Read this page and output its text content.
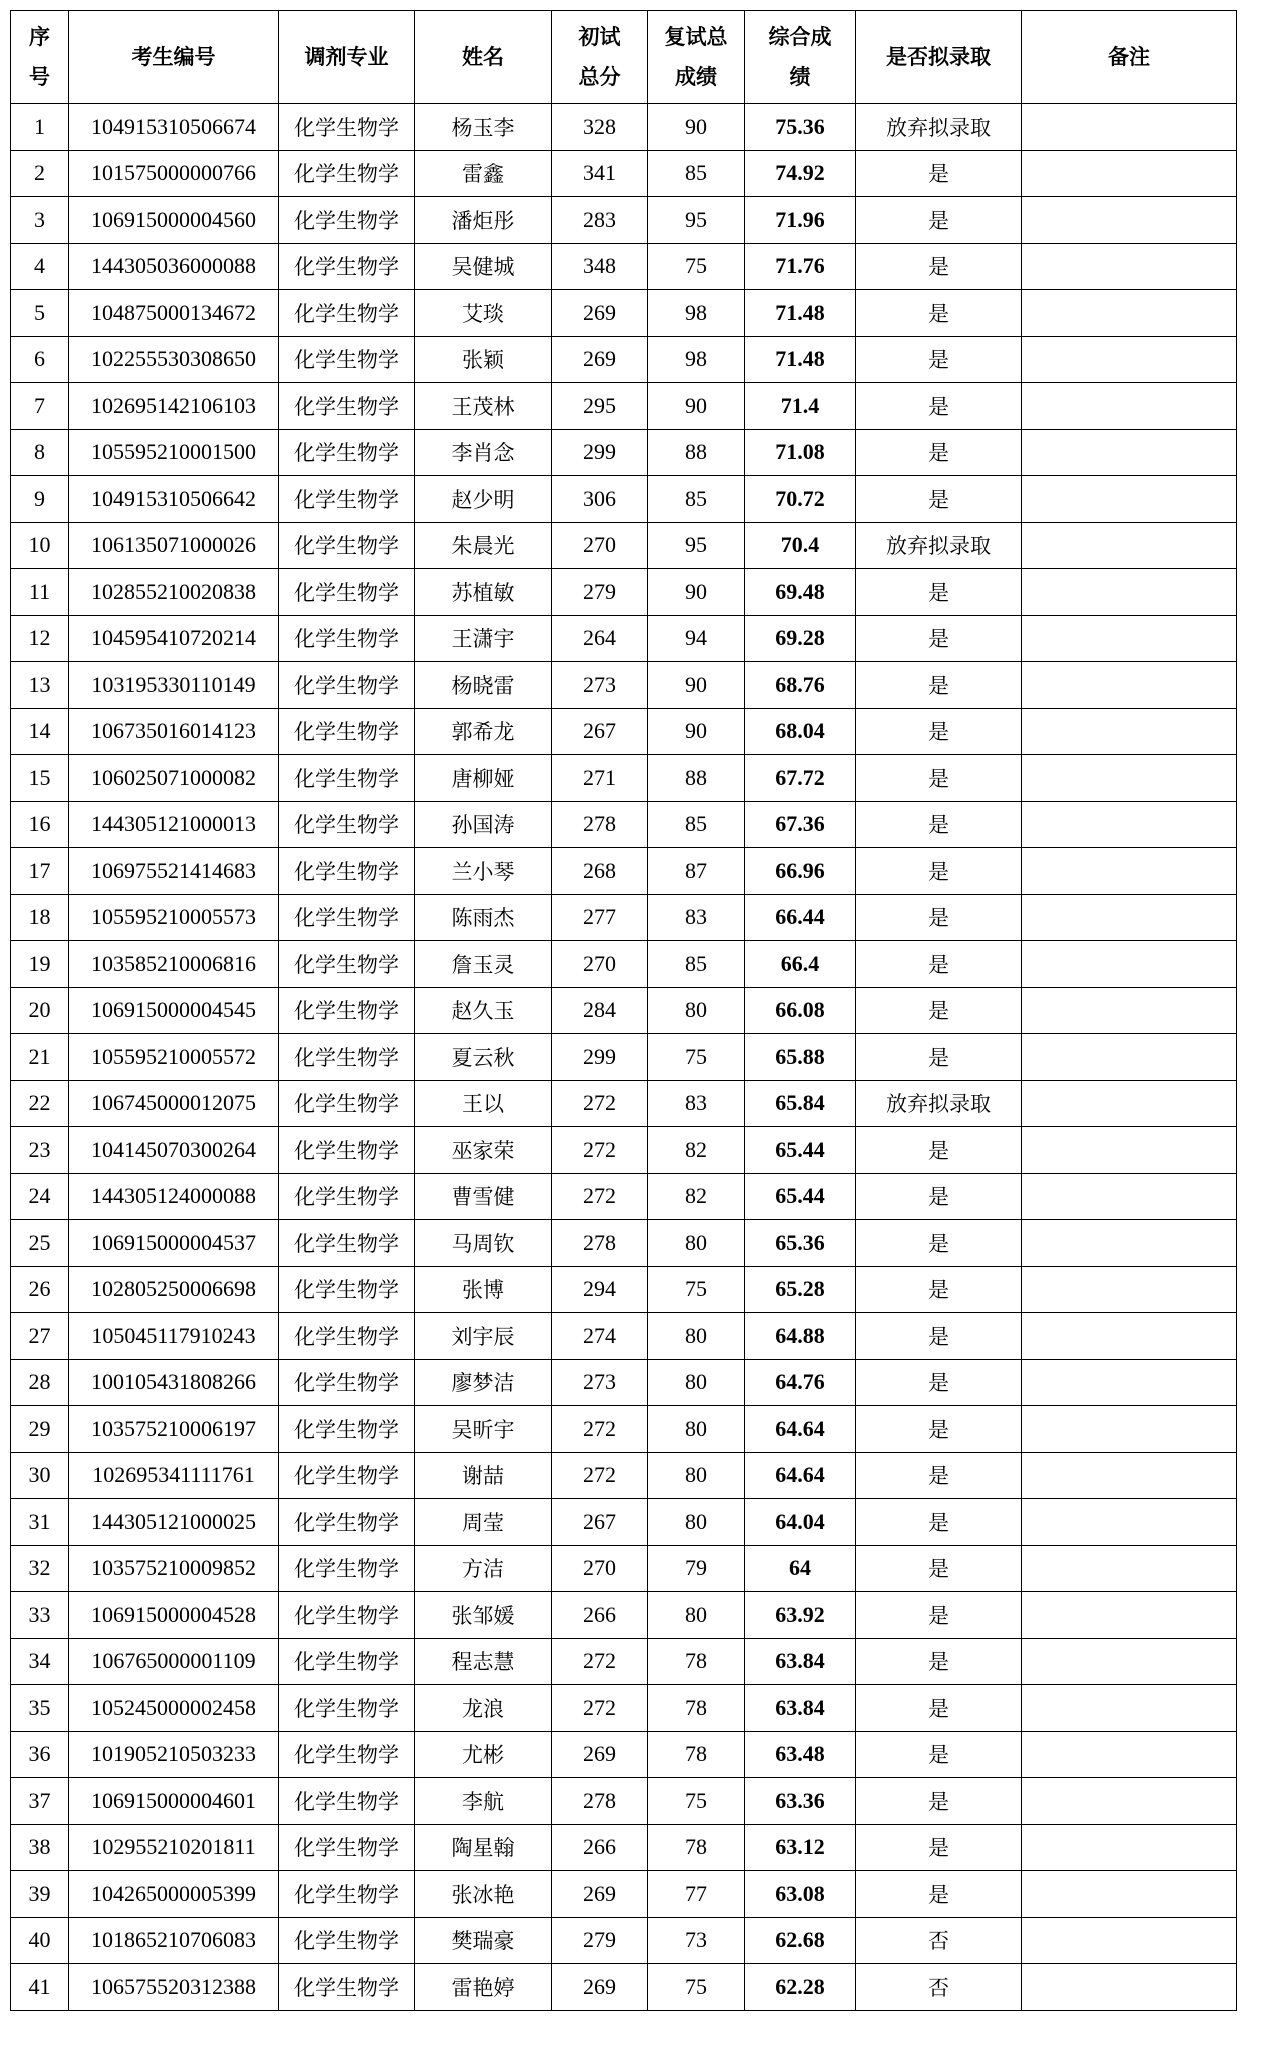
序号	考生编号	调剂专业	姓名	初试总分	复试总成绩	综合成绩	是否拟录取	备注
1	104915310506674	化学生物学	杨玉李	328	90	75.36	放弃拟录取	
2	101575000000766	化学生物学	雷鑫	341	85	74.92	是	
3	106915000004560	化学生物学	潘炬彤	283	95	71.96	是	
4	144305036000088	化学生物学	吴健城	348	75	71.76	是	
5	104875000134672	化学生物学	艾琰	269	98	71.48	是	
6	102255530308650	化学生物学	张颖	269	98	71.48	是	
7	102695142106103	化学生物学	王茂林	295	90	71.4	是	
8	105595210001500	化学生物学	李肖念	299	88	71.08	是	
9	104915310506642	化学生物学	赵少明	306	85	70.72	是	
10	106135071000026	化学生物学	朱晨光	270	95	70.4	放弃拟录取	
11	102855210020838	化学生物学	苏植敏	279	90	69.48	是	
12	104595410720214	化学生物学	王潇宇	264	94	69.28	是	
13	103195330110149	化学生物学	杨晓雷	273	90	68.76	是	
14	106735016014123	化学生物学	郭希龙	267	90	68.04	是	
15	106025071000082	化学生物学	唐柳娅	271	88	67.72	是	
16	144305121000013	化学生物学	孙国涛	278	85	67.36	是	
17	106975521414683	化学生物学	兰小琴	268	87	66.96	是	
18	105595210005573	化学生物学	陈雨杰	277	83	66.44	是	
19	103585210006816	化学生物学	詹玉灵	270	85	66.4	是	
20	106915000004545	化学生物学	赵久玉	284	80	66.08	是	
21	105595210005572	化学生物学	夏云秋	299	75	65.88	是	
22	106745000012075	化学生物学	王以	272	83	65.84	放弃拟录取	
23	104145070300264	化学生物学	巫家荣	272	82	65.44	是	
24	144305124000088	化学生物学	曹雪健	272	82	65.44	是	
25	106915000004537	化学生物学	马周钦	278	80	65.36	是	
26	102805250006698	化学生物学	张博	294	75	65.28	是	
27	105045117910243	化学生物学	刘宇辰	274	80	64.88	是	
28	100105431808266	化学生物学	廖梦洁	273	80	64.76	是	
29	103575210006197	化学生物学	吴昕宇	272	80	64.64	是	
30	102695341111761	化学生物学	谢喆	272	80	64.64	是	
31	144305121000025	化学生物学	周莹	267	80	64.04	是	
32	103575210009852	化学生物学	方洁	270	79	64	是	
33	106915000004528	化学生物学	张邹媛	266	80	63.92	是	
34	106765000001109	化学生物学	程志慧	272	78	63.84	是	
35	105245000002458	化学生物学	龙浪	272	78	63.84	是	
36	101905210503233	化学生物学	尤彬	269	78	63.48	是	
37	106915000004601	化学生物学	李航	278	75	63.36	是	
38	102955210201811	化学生物学	陶星翰	266	78	63.12	是	
39	104265000005399	化学生物学	张冰艳	269	77	63.08	是	
40	101865210706083	化学生物学	樊瑞豪	279	73	62.68	否	
41	106575520312388	化学生物学	雷艳婷	269	75	62.28	否	
